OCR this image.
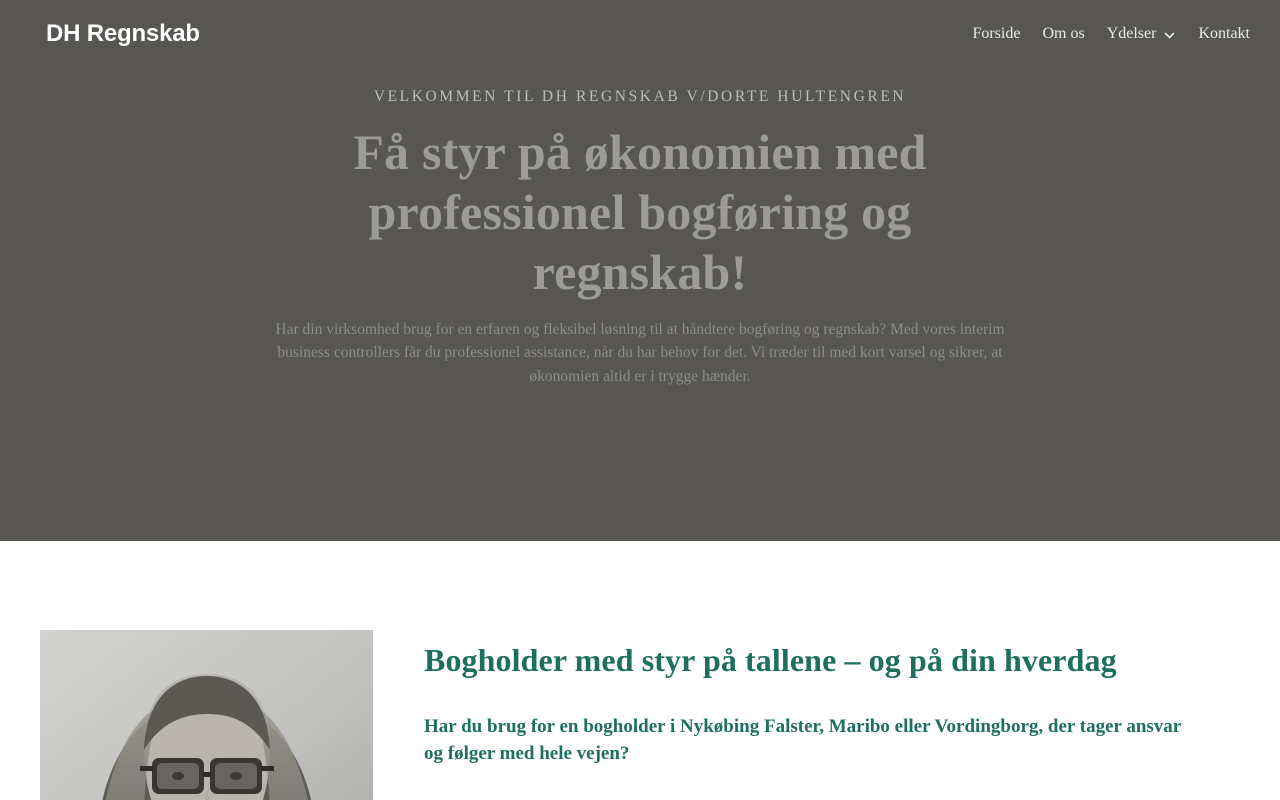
DH Regnskab	Forside Om os Ydelser	Kontakt

VELKOMMEN TIL DH REGNSKAB V/DORTE HULTENGREN

Få styr på økonomien med professionel bogføring og regnskab!

Har din virksomhed brug for en erfaren og fleksibel løsning til at håndtere bogføring og regnskab? Med vores interim business controllers får du professionel assistance, når du har behov for det. Vi træder til med kort varsel og sikrer, at økonomien altid er i trygge hænder.

Bogholder med styr på tallene – og på din hverdag

Har du brug for en bogholder i Nykøbing Falster, Maribo eller Vordingborg, der tager ansvar og følger med hele vejen?
